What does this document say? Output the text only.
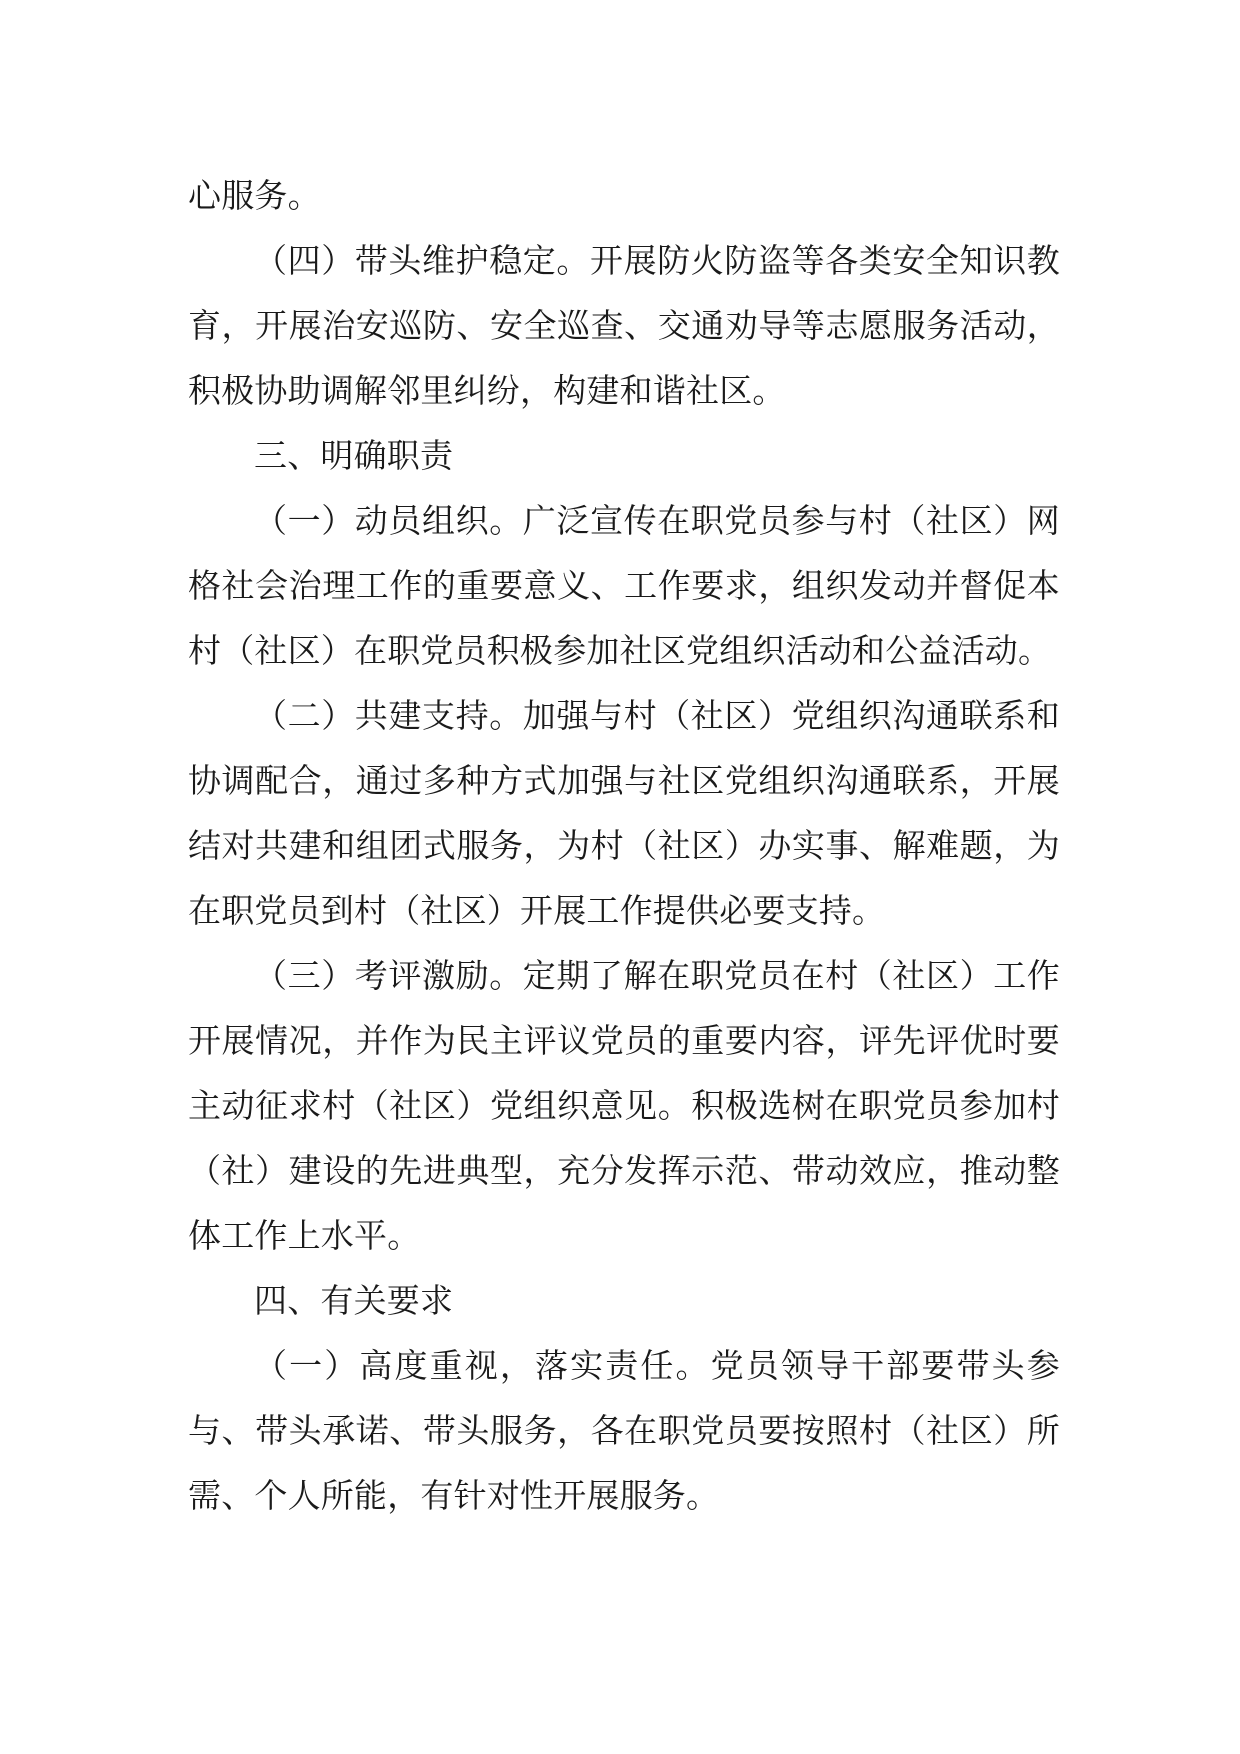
心服务。

（四）带头维护稳定。开展防火防盗等各类安全知识教育，开展治安巡防、安全巡查、交通劝导等志愿服务活动，积极协助调解邻里纠纷，构建和谐社区。

三、明确职责

（一）动员组织。广泛宣传在职党员参与村（社区）网格社会治理工作的重要意义、工作要求，组织发动并督促本村（社区）在职党员积极参加社区党组织活动和公益活动。

（二）共建支持。加强与村（社区）党组织沟通联系和协调配合，通过多种方式加强与社区党组织沟通联系，开展结对共建和组团式服务，为村（社区）办实事、解难题，为在职党员到村（社区）开展工作提供必要支持。

（三）考评激励。定期了解在职党员在村（社区）工作开展情况，并作为民主评议党员的重要内容，评先评优时要主动征求村（社区）党组织意见。积极选树在职党员参加村（社）建设的先进典型，充分发挥示范、带动效应，推动整体工作上水平。

四、有关要求

（一）高度重视，落实责任。党员领导干部要带头参与、带头承诺、带头服务，各在职党员要按照村（社区）所需、个人所能，有针对性开展服务。
